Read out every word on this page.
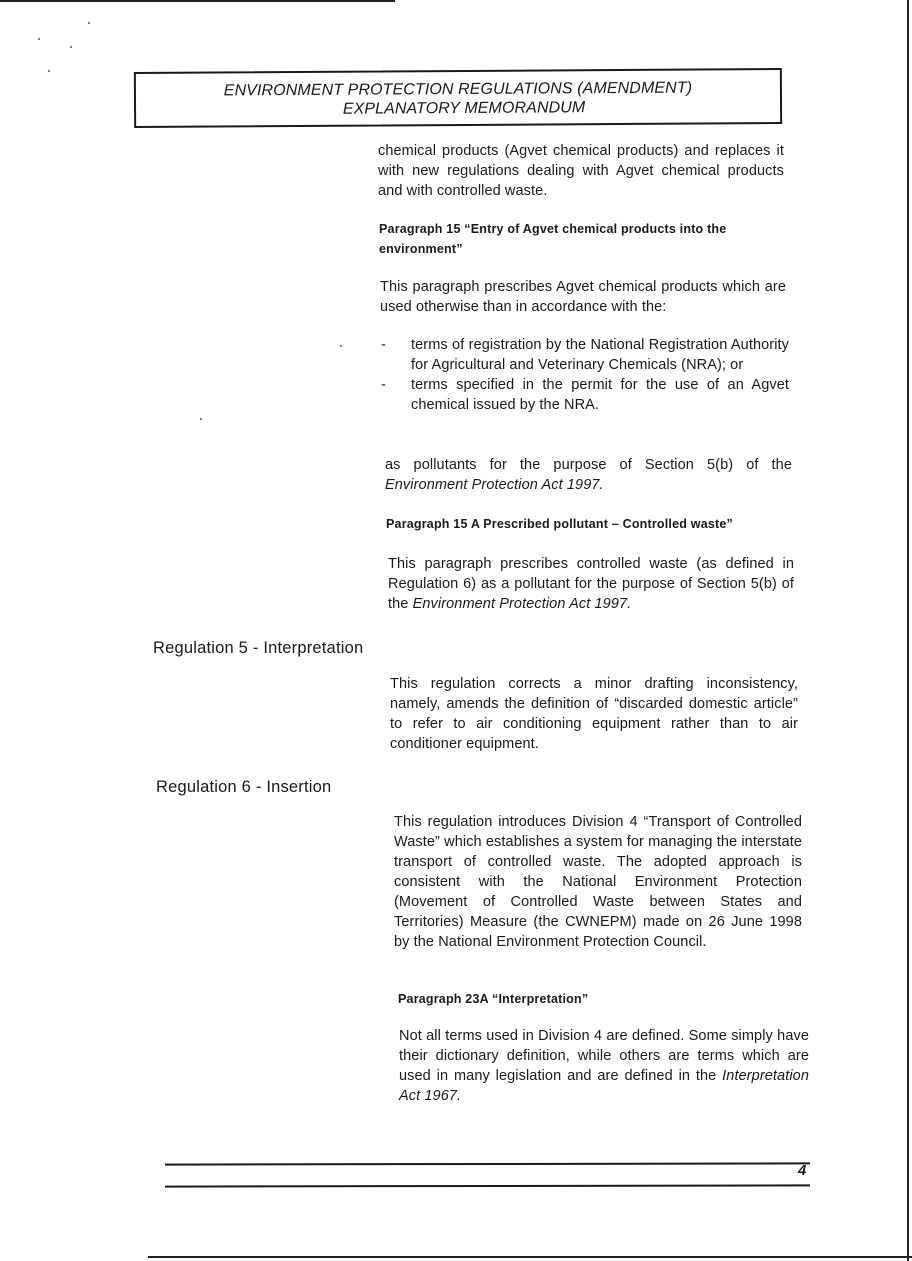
ENVIRONMENT PROTECTION REGULATIONS (AMENDMENT)
EXPLANATORY MEMORANDUM
chemical products (Agvet chemical products) and replaces it with new regulations dealing with Agvet chemical products and with controlled waste.
Paragraph 15 “Entry of Agvet chemical products into the environment”
This paragraph prescribes Agvet chemical products which are used otherwise than in accordance with the:
- terms of registration by the National Registration Authority for Agricultural and Veterinary Chemicals (NRA); or
- terms specified in the permit for the use of an Agvet chemical issued by the NRA.
as pollutants for the purpose of Section 5(b) of the Environment Protection Act 1997.
Paragraph 15 A Prescribed pollutant – Controlled waste”
This paragraph prescribes controlled waste (as defined in Regulation 6) as a pollutant for the purpose of Section 5(b) of the Environment Protection Act 1997.
Regulation 5 - Interpretation
This regulation corrects a minor drafting inconsistency, namely, amends the definition of “discarded domestic article” to refer to air conditioning equipment rather than to air conditioner equipment.
Regulation 6 - Insertion
This regulation introduces Division 4 “Transport of Controlled Waste” which establishes a system for managing the interstate transport of controlled waste. The adopted approach is consistent with the National Environment Protection (Movement of Controlled Waste between States and Territories) Measure (the CWNEPM) made on 26 June 1998 by the National Environment Protection Council.
Paragraph 23A “Interpretation”
Not all terms used in Division 4 are defined. Some simply have their dictionary definition, while others are terms which are used in many legislation and are defined in the Interpretation Act 1967.
4
